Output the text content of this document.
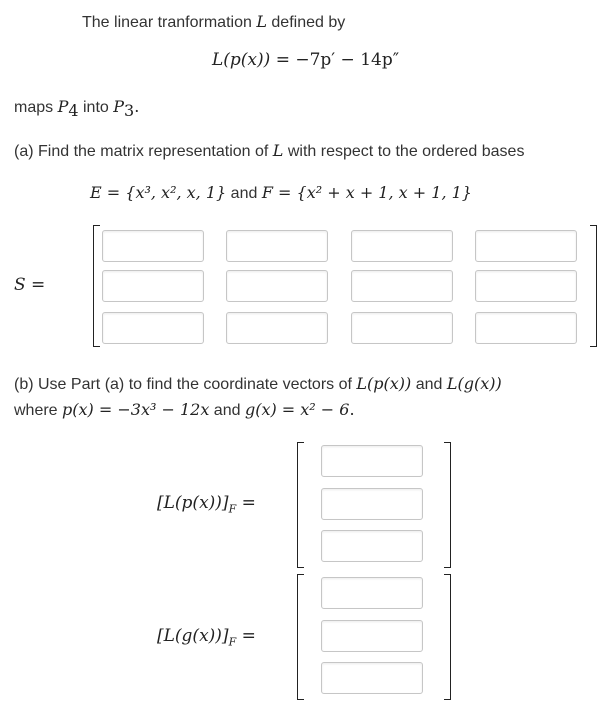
The linear tranformation L defined by
L(p(x)) = −7p′ − 14p″
maps $P_4$ into $P_3$.
(a) Find the matrix representation of L with respect to the ordered bases
E = {x³, x², x, 1} and F = {x² + x + 1, x + 1, 1}
S =
(b) Use Part (a) to find the coordinate vectors of L(p(x)) and L(g(x))
where p(x) = −3x³ − 12x and g(x) = x² − 6.
$[L(p(x))]_F$ =
$[L(g(x))]_F$ =
